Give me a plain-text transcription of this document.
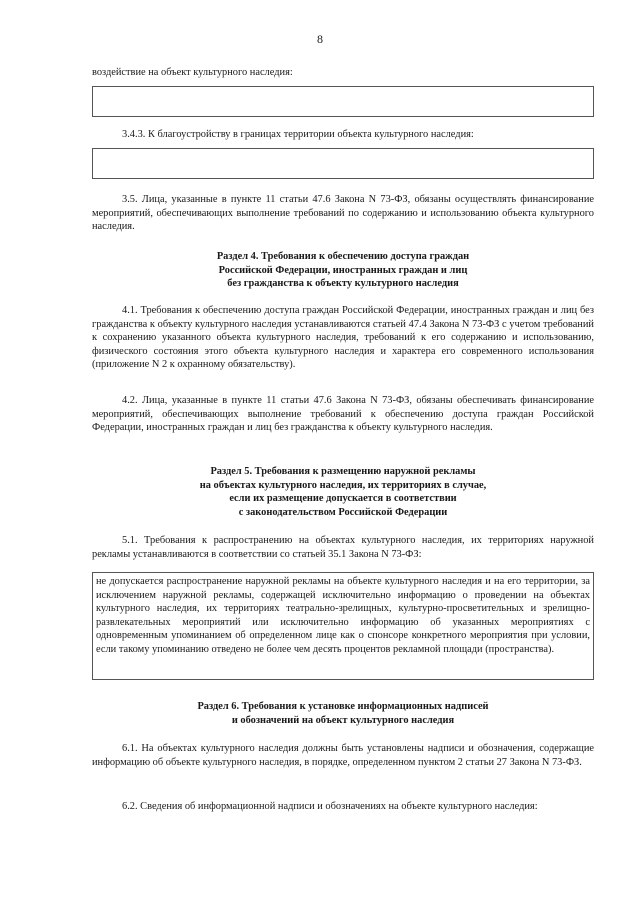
8
воздействие на объект культурного наследия:
3.4.3. К благоустройству в границах территории объекта культурного наследия:
3.5. Лица, указанные в пункте 11 статьи 47.6 Закона N 73-ФЗ, обязаны осуществлять финансирование мероприятий, обеспечивающих выполнение требований по содержанию и использованию объекта культурного наследия.
Раздел 4. Требования к обеспечению доступа граждан
Российской Федерации, иностранных граждан и лиц
без гражданства к объекту культурного наследия
4.1. Требования к обеспечению доступа граждан Российской Федерации, иностранных граждан и лиц без гражданства к объекту культурного наследия устанавливаются статьей 47.4 Закона N 73-ФЗ с учетом требований к сохранению указанного объекта культурного наследия, требований к его содержанию и использованию, физического состояния этого объекта культурного наследия и характера его современного использования (приложение N 2 к охранному обязательству).
4.2. Лица, указанные в пункте 11 статьи 47.6 Закона N 73-ФЗ, обязаны обеспечивать финансирование мероприятий, обеспечивающих выполнение требований к обеспечению доступа граждан Российской Федерации, иностранных граждан и лиц без гражданства к объекту культурного наследия.
Раздел 5. Требования к размещению наружной рекламы
на объектах культурного наследия, их территориях в случае,
если их размещение допускается в соответствии
с законодательством Российской Федерации
5.1. Требования к распространению на объектах культурного наследия, их территориях наружной рекламы устанавливаются в соответствии со статьей 35.1 Закона N 73-ФЗ:
не допускается распространение наружной рекламы на объекте культурного наследия и на его территории, за исключением наружной рекламы, содержащей исключительно информацию о проведении на объектах культурного наследия, их территориях театрально-зрелищных, культурно-просветительных и зрелищно-развлекательных мероприятий или исключительно информацию об указанных мероприятиях с одновременным упоминанием об определенном лице как о спонсоре конкретного мероприятия при условии, если такому упоминанию отведено не более чем десять процентов рекламной площади (пространства).
Раздел 6. Требования к установке информационных надписей
и обозначений на объект культурного наследия
6.1. На объектах культурного наследия должны быть установлены надписи и обозначения, содержащие информацию об объекте культурного наследия, в порядке, определенном пунктом 2 статьи 27 Закона N 73-ФЗ.
6.2. Сведения об информационной надписи и обозначениях на объекте культурного наследия:
